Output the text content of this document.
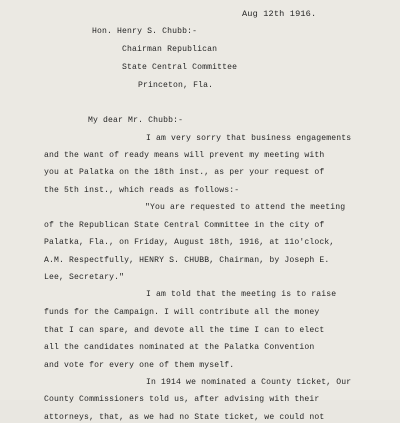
Aug 12th 1916.
Hon. Henry S. Chubb:-
Chairman Republican
State Central Committee
Princeton, Fla.
My dear Mr. Chubb:-
I am very sorry that business engagements
and the want of ready means will prevent my meeting with
you at Palatka on the 18th inst., as per your request of
the 5th inst., which reads as follows:-
"You are requested to attend the meeting
of the Republican State Central Committee in the city of
Palatka, Fla., on Friday, August 18th, 1916, at 11o'clock,
A.M. Respectfully, HENRY S. CHUBB, Chairman, by Joseph E.
Lee, Secretary."
I am told that the meeting is to raise
funds for the Campaign. I will contribute all the money
that I can spare, and devote all the time I can to elect
all the candidates nominated at the Palatka Convention
and vote for every one of them myself.
In 1914 we nominated a County ticket, Our
County Commissioners told us, after advising with their
attorneys, that, as we had no State ticket, we could not
